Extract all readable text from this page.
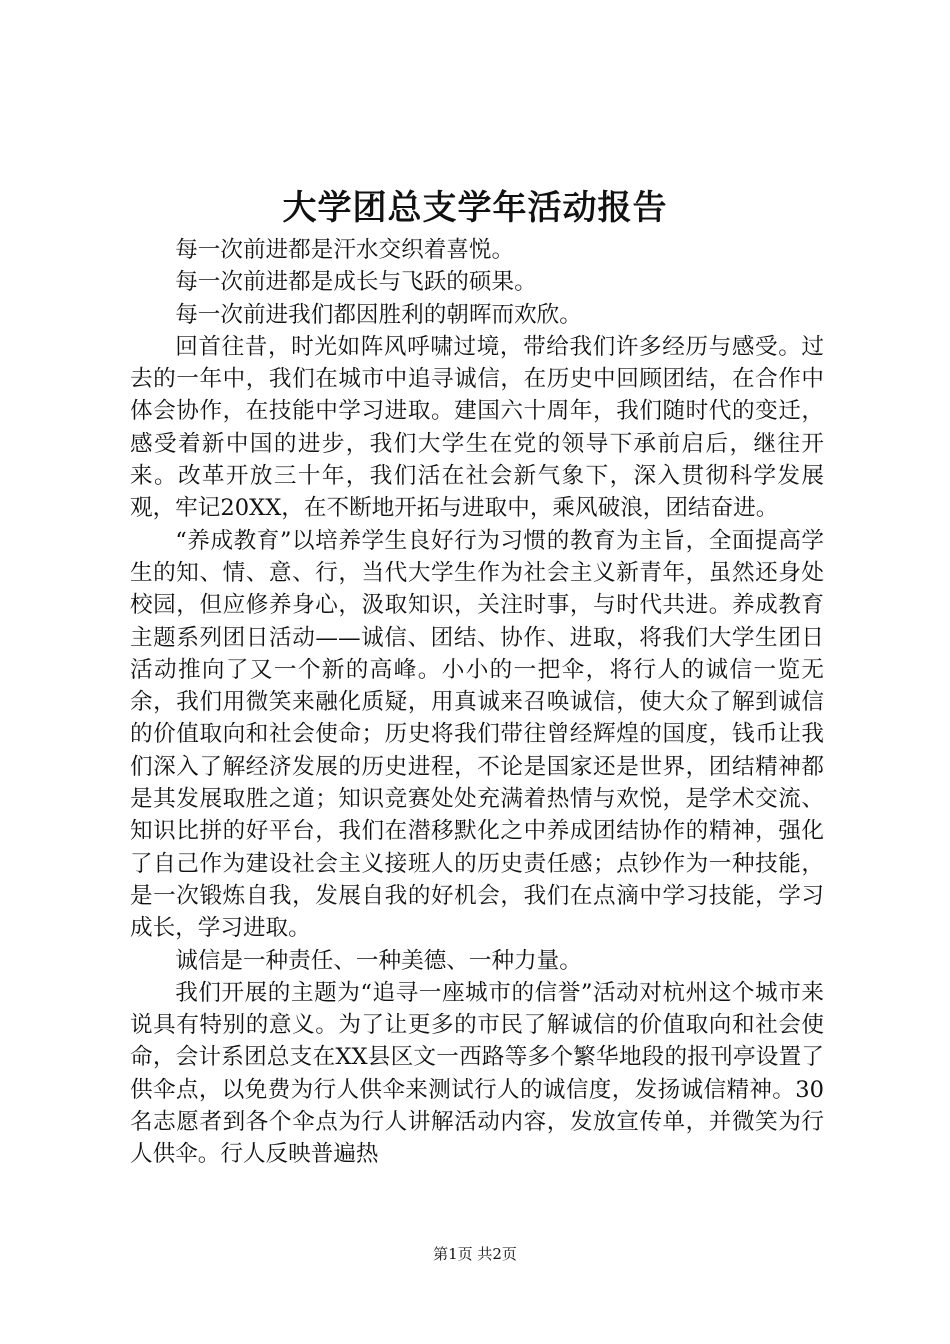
大学团总支学年活动报告

每一次前进都是汗水交织着喜悦。

每一次前进都是成长与飞跃的硕果。

每一次前进我们都因胜利的朝晖而欢欣。

回首往昔，时光如阵风呼啸过境，带给我们许多经历与感受。过去的一年中，我们在城市中追寻诚信，在历史中回顾团结，在合作中体会协作，在技能中学习进取。建国六十周年，我们随时代的变迁，感受着新中国的进步，我们大学生在党的领导下承前启后，继往开来。改革开放三十年，我们活在社会新气象下，深入贯彻科学发展观，牢记20XX，在不断地开拓与进取中，乘风破浪，团结奋进。

“养成教育”以培养学生良好行为习惯的教育为主旨，全面提高学生的知、情、意、行，当代大学生作为社会主义新青年，虽然还身处校园，但应修养身心，汲取知识，关注时事，与时代共进。养成教育主题系列团日活动——诚信、团结、协作、进取，将我们大学生团日活动推向了又一个新的高峰。小小的一把伞，将行人的诚信一览无余，我们用微笑来融化质疑，用真诚来召唤诚信，使大众了解到诚信的价值取向和社会使命；历史将我们带往曾经辉煌的国度，钱币让我们深入了解经济发展的历史进程，不论是国家还是世界，团结精神都是其发展取胜之道；知识竞赛处处充满着热情与欢悦，是学术交流、知识比拼的好平台，我们在潜移默化之中养成团结协作的精神，强化了自己作为建设社会主义接班人的历史责任感；点钞作为一种技能，是一次锻炼自我，发展自我的好机会，我们在点滴中学习技能，学习成长，学习进取。

诚信是一种责任、一种美德、一种力量。

我们开展的主题为“追寻一座城市的信誉”活动对杭州这个城市来说具有特别的意义。为了让更多的市民了解诚信的价值取向和社会使命，会计系团总支在XX县区文一西路等多个繁华地段的报刊亭设置了供伞点，以免费为行人供伞来测试行人的诚信度，发扬诚信精神。30名志愿者到各个伞点为行人讲解活动内容，发放宣传单，并微笑为行人供伞。行人反映普遍热

第1页 共2页
